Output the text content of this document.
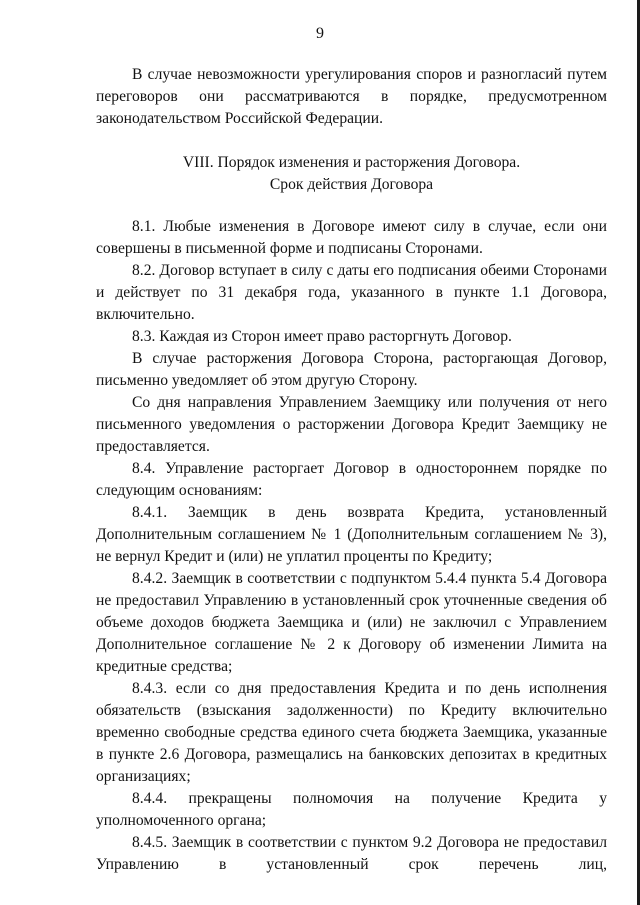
9

В случае невозможности урегулирования споров и разногласий путем переговоров они рассматриваются в порядке, предусмотренном законодательством Российской Федерации.

VIII. Порядок изменения и расторжения Договора.

Срок действия Договора

8.1. Любые изменения в Договоре имеют силу в случае, если они совершены в письменной форме и подписаны Сторонами.

8.2. Договор вступает в силу с даты его подписания обеими Сторонами и действует по 31 декабря года, указанного в пункте 1.1 Договора, включительно.

8.3. Каждая из Сторон имеет право расторгнуть Договор.

В случае расторжения Договора Сторона, расторгающая Договор, письменно уведомляет об этом другую Сторону.

Со дня направления Управлением Заемщику или получения от него письменного уведомления о расторжении Договора Кредит Заемщику не предоставляется.

8.4. Управление расторгает Договор в одностороннем порядке по следующим основаниям:

8.4.1. Заемщик в день возврата Кредита, установленный Дополнительным соглашением № 1 (Дополнительным соглашением № 3), не вернул Кредит и (или) не уплатил проценты по Кредиту;

8.4.2. Заемщик в соответствии с подпунктом 5.4.4 пункта 5.4 Договора не предоставил Управлению в установленный срок уточненные сведения об объеме доходов бюджета Заемщика и (или) не заключил с Управлением Дополнительное соглашение № 2 к Договору об изменении Лимита на кредитные средства;

8.4.3. если со дня предоставления Кредита и по день исполнения обязательств (взыскания задолженности) по Кредиту включительно временно свободные средства единого счета бюджета Заемщика, указанные в пункте 2.6 Договора, размещались на банковских депозитах в кредитных организациях;

8.4.4. прекращены полномочия на получение Кредита у уполномоченного органа;

8.4.5. Заемщик в соответствии с пунктом 9.2 Договора не предоставил Управлению в установленный срок перечень лиц,
